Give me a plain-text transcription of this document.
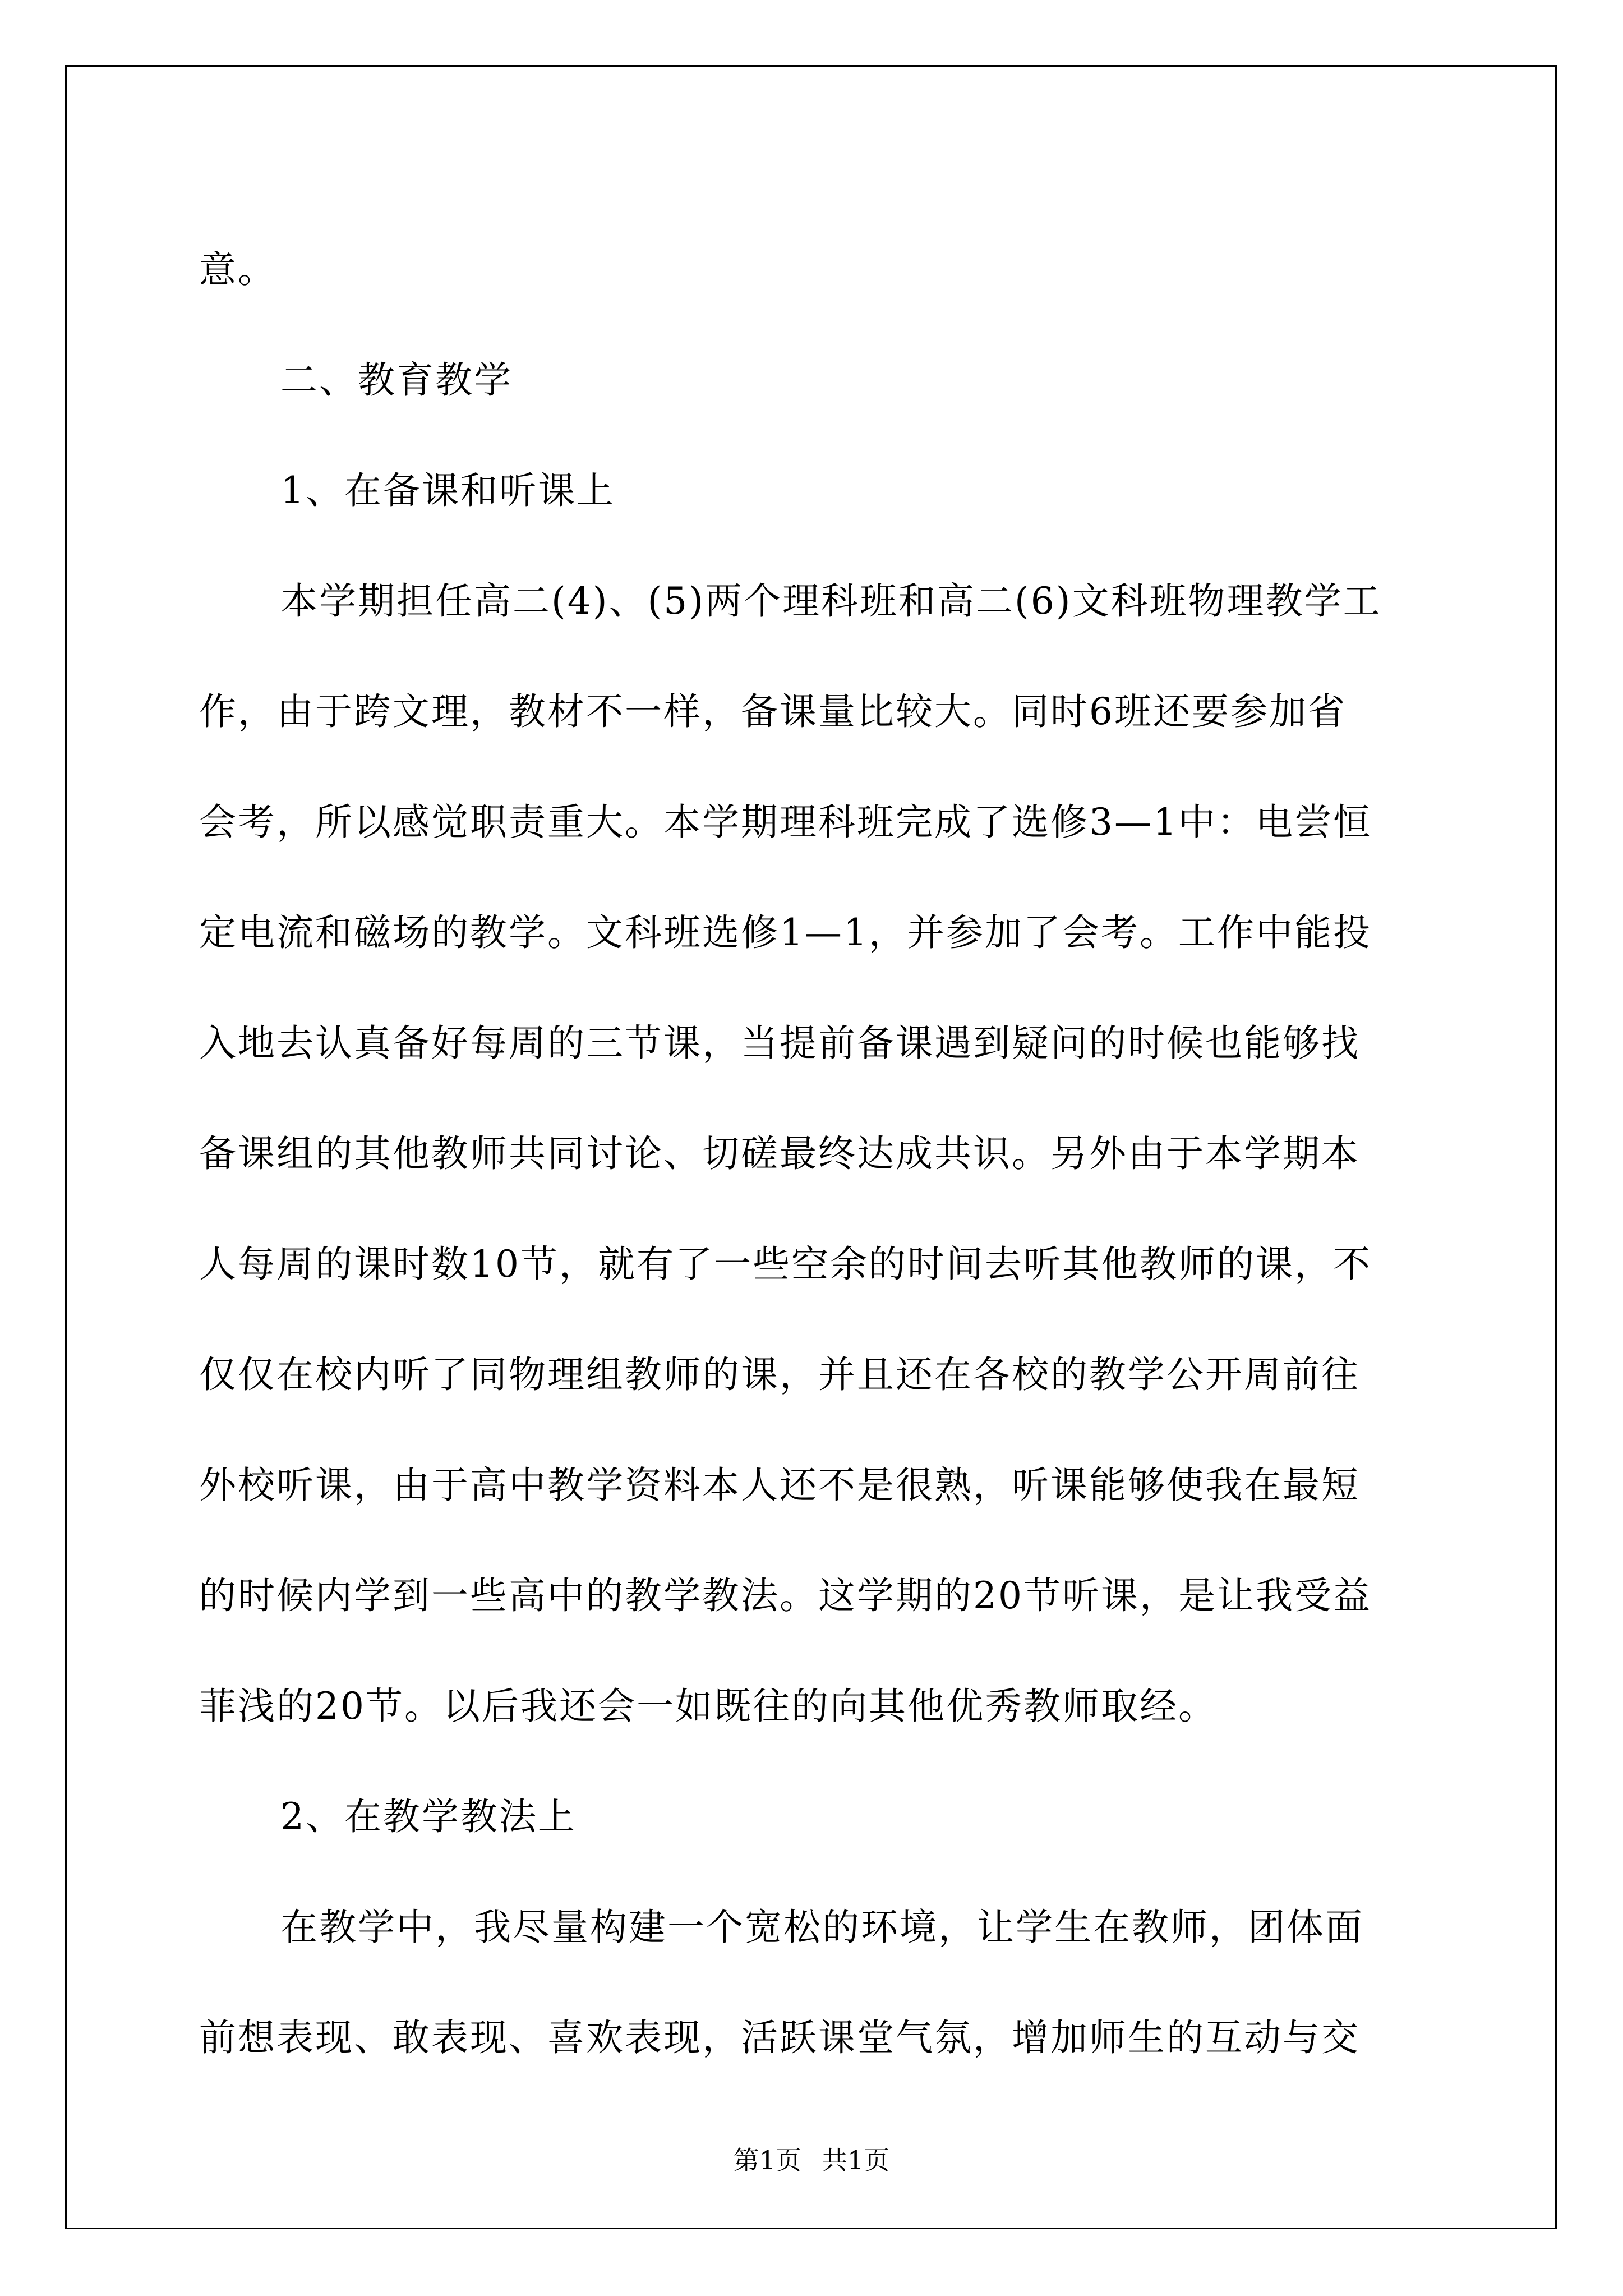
意。
二、教育教学
1、在备课和听课上
本学期担任高二(4)、(5)两个理科班和高二(6)文科班物理教学工
作，由于跨文理，教材不一样，备课量比较大。同时6班还要参加省
会考，所以感觉职责重大。本学期理科班完成了选修3—1中：电尝恒
定电流和磁场的教学。文科班选修1—1，并参加了会考。工作中能投
入地去认真备好每周的三节课，当提前备课遇到疑问的时候也能够找
备课组的其他教师共同讨论、切磋最终达成共识。另外由于本学期本
人每周的课时数10节，就有了一些空余的时间去听其他教师的课，不
仅仅在校内听了同物理组教师的课，并且还在各校的教学公开周前往
外校听课，由于高中教学资料本人还不是很熟，听课能够使我在最短
的时候内学到一些高中的教学教法。这学期的20节听课，是让我受益
菲浅的20节。以后我还会一如既往的向其他优秀教师取经。
2、在教学教法上
在教学中，我尽量构建一个宽松的环境，让学生在教师，团体面
前想表现、敢表现、喜欢表现，活跃课堂气氛，增加师生的互动与交
第1页 共1页
